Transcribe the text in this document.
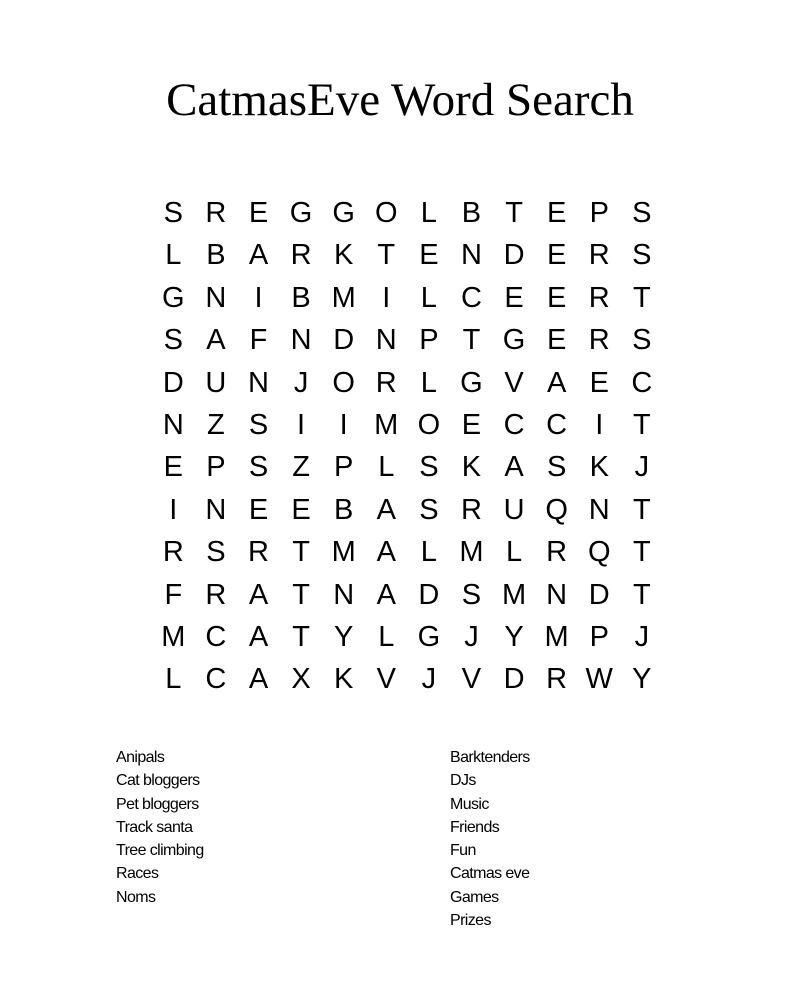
CatmasEve Word Search
S R E G G O L B T E P S
L B A R K T E N D E R S
G N I B M I	L C E E R T
S A F N D N P T G E R S
D U N J O R L G V A E C
N Z S I	I M O E C C I	T
E P S Z P L S K A S K J
I N E E B A S R U Q N T
R S R T M A L M L R Q T
F R A T N A D S M N D T
M C A T Y L G J Y M P J
L C A X K V J V D R W Y
Anipals
Cat bloggers
Pet bloggers
Track santa
Tree climbing
Races
Noms
Barktenders
DJs
Music
Friends
Fun
Catmas eve
Games
Prizes
